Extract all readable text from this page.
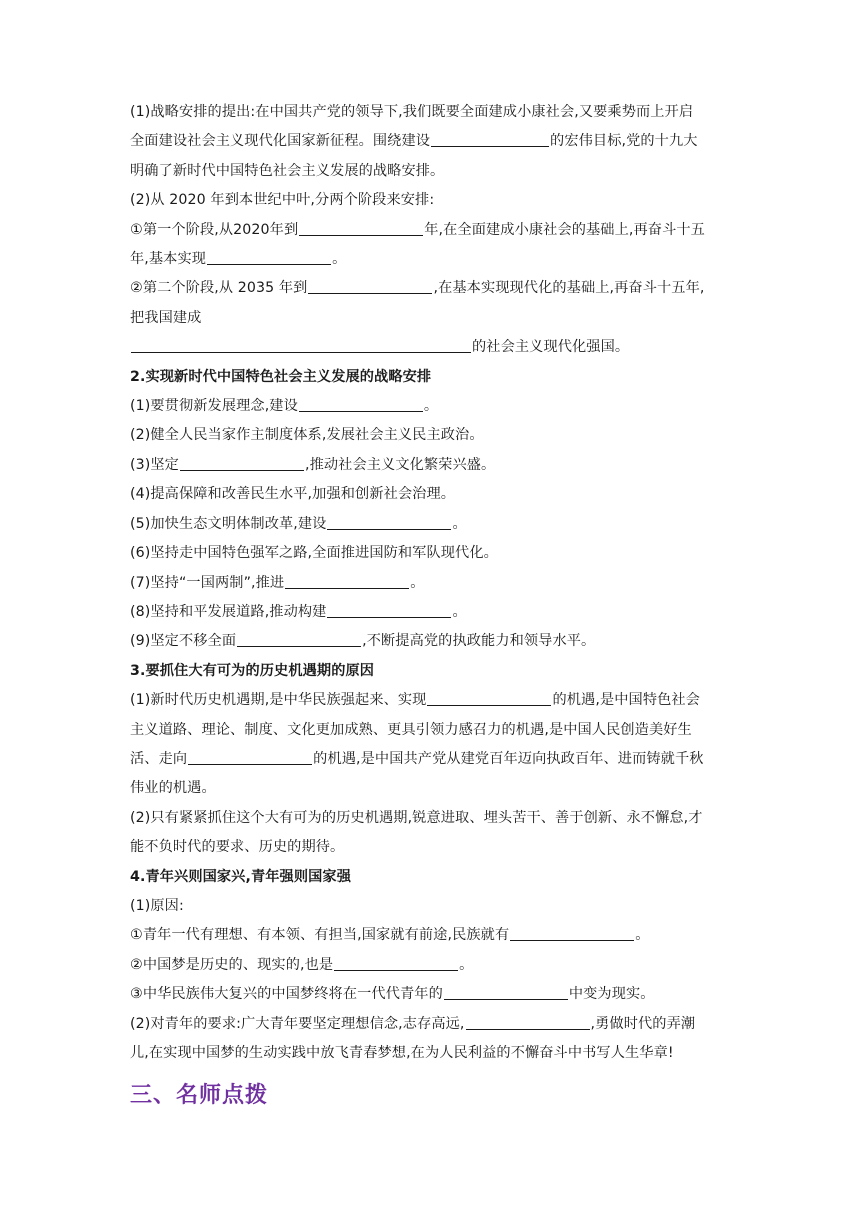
(1)战略安排的提出:在中国共产党的领导下,我们既要全面建成小康社会,又要乘势而上开启
全面建设社会主义现代化国家新征程。围绕建设	的宏伟目标,党的十九大
明确了新时代中国特色社会主义发展的战略安排。
(2)从 2020 年到本世纪中叶,分两个阶段来安排:
①第一个阶段,从2020年到	年,在全面建成小康社会的基础上,再奋斗十五
年,基本实现	。
②第二个阶段,从 2035 年到	,在基本实现现代化的基础上,再奋斗十五年,
把我国建成
的社会主义现代化强国。
2.实现新时代中国特色社会主义发展的战略安排
(1)要贯彻新发展理念,建设	。
(2)健全人民当家作主制度体系,发展社会主义民主政治。
(3)坚定	,推动社会主义文化繁荣兴盛。
(4)提高保障和改善民生水平,加强和创新社会治理。
(5)加快生态文明体制改革,建设	。
(6)坚持走中国特色强军之路,全面推进国防和军队现代化。
(7)坚持“一国两制”,推进	。
(8)坚持和平发展道路,推动构建	。
(9)坚定不移全面	,不断提高党的执政能力和领导水平。
3.要抓住大有可为的历史机遇期的原因
(1)新时代历史机遇期,是中华民族强起来、实现	的机遇,是中国特色社会
主义道路、理论、制度、文化更加成熟、更具引领力感召力的机遇,是中国人民创造美好生
活、走向	的机遇,是中国共产党从建党百年迈向执政百年、进而铸就千秋
伟业的机遇。
(2)只有紧紧抓住这个大有可为的历史机遇期,锐意进取、埋头苦干、善于创新、永不懈怠,才
能不负时代的要求、历史的期待。
4.青年兴则国家兴,青年强则国家强
(1)原因:
①青年一代有理想、有本领、有担当,国家就有前途,民族就有	。
②中国梦是历史的、现实的,也是	。
③中华民族伟大复兴的中国梦终将在一代代青年的	中变为现实。
(2)对青年的要求:广大青年要坚定理想信念,志存高远,	,勇做时代的弄潮
儿,在实现中国梦的生动实践中放飞青春梦想,在为人民利益的不懈奋斗中书写人生华章!
三、名师点拨
